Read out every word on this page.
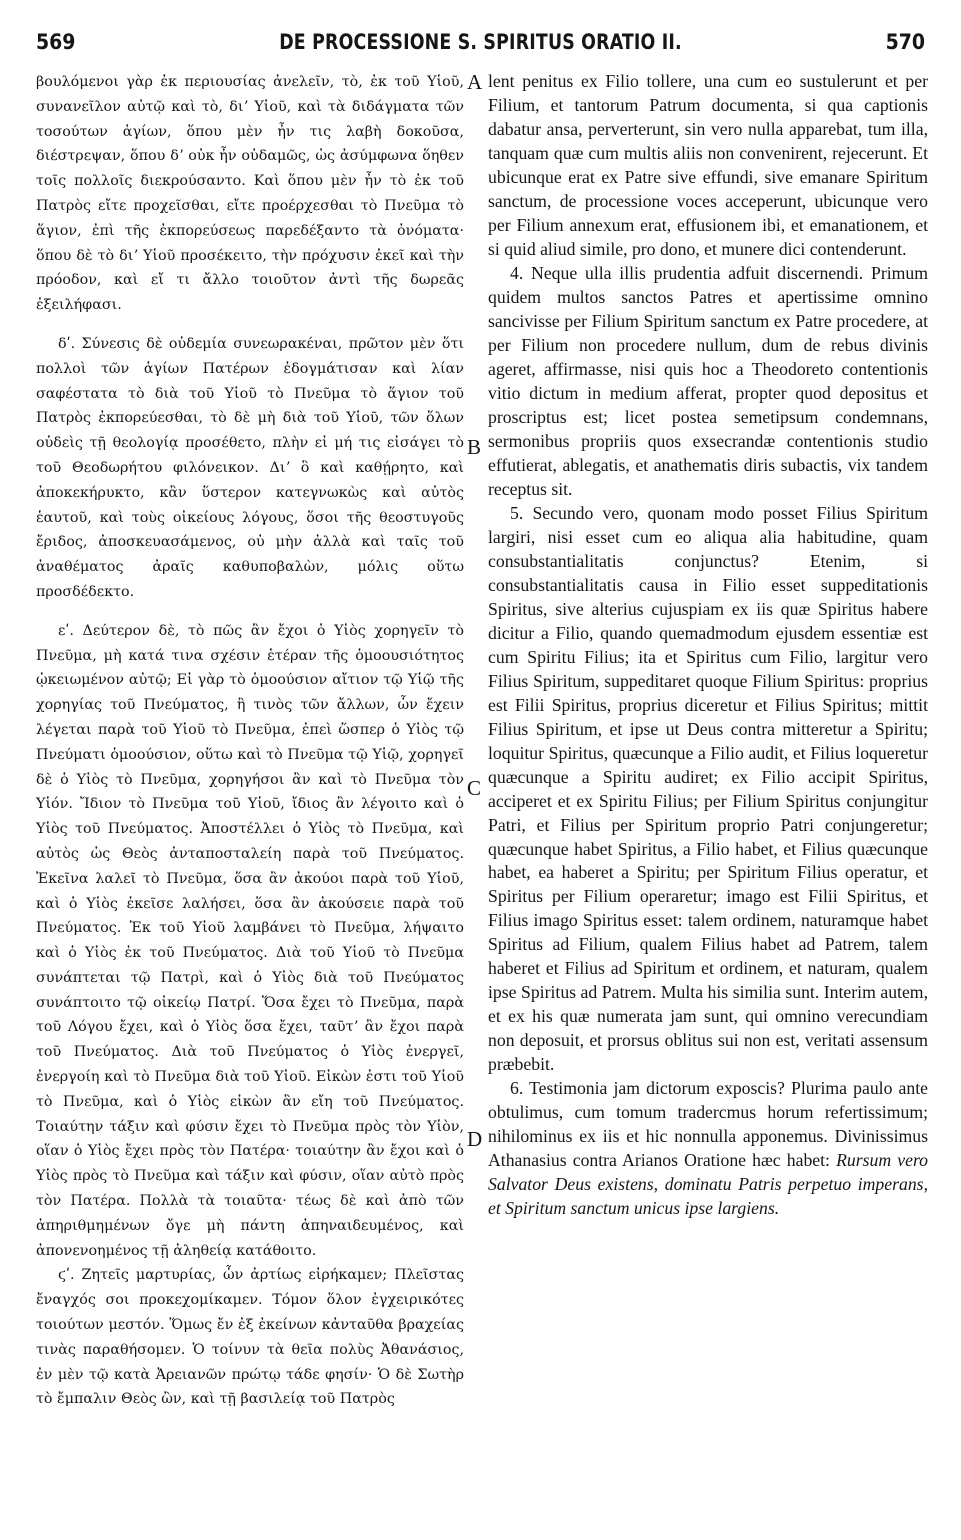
569	DE PROCESSIONE S. SPIRITUS ORATIO II.	570

βουλόμενοι γὰρ ἐκ περιουσίας ἀνελεῖν, τὸ, ἐκ τοῦ Υἱοῦ, συνανεῖλον αὐτῷ καὶ τὸ, διʼ Υἱοῦ, καὶ τὰ διδάγματα τῶν τοσούτων ἁγίων, ὅπου μὲν ἦν τις λαβὴ δοκοῦσα, διέστρεψαν, ὅπου δʼ οὐκ ἦν οὐδαμῶς, ὡς ἀσύμφωνα ὅηθεν τοῖς πολλοῖς διεκρούσαντο. Καὶ ὅπου μὲν ἦν τὸ ἐκ τοῦ Πατρὸς εἴτε προχεῖσθαι, εἴτε προέρχεσθαι τὸ Πνεῦμα τὸ ἅγιον, ἐπὶ τῆς ἐκπορεύσεως παρεδέξαντο τὰ ὀνόματα· ὅπου δὲ τὸ διʼ Υἱοῦ προσέκειτο, τὴν πρόχυσιν ἐκεῖ καὶ τὴν πρόοδον, καὶ εἴ τι ἄλλο τοιοῦτον ἀντὶ τῆς δωρεᾶς ἐξειλήφασι.

δʹ. Σύνεσις δὲ οὐδεμία συνεωρακέναι, πρῶτον μὲν ὅτι πολλοὶ τῶν ἁγίων Πατέρων ἐδογμάτισαν καὶ λίαν σαφέστατα τὸ διὰ τοῦ Υἱοῦ τὸ Πνεῦμα τὸ ἅγιον τοῦ Πατρὸς ἐκπορεύεσθαι, τὸ δὲ μὴ διὰ τοῦ Υἱοῦ, τῶν ὅλων οὐδεὶς τῇ θεολογίᾳ προσέθετο, πλὴν εἰ μή τις εἰσάγει τὸ τοῦ Θεοδωρήτου φιλόνεικον. Διʼ ὃ καὶ καθῄρητο, καὶ ἀποκεκήρυκτο, κἂν ὕστερον κατεγνωκὼς καὶ αὐτὸς ἑαυτοῦ, καὶ τοὺς οἰκείους λόγους, ὅσοι τῆς θεοστυγοῦς ἔριδος, ἀποσκευασάμενος, οὐ μὴν ἀλλὰ καὶ ταῖς τοῦ ἀναθέματος ἀραῖς καθυποβαλὼν, μόλις οὕτω προσδέδεκτο.

εʹ. Δεύτερον δὲ, τὸ πῶς ἂν ἔχοι ὁ Υἱὸς χορηγεῖν τὸ Πνεῦμα, μὴ κατά τινα σχέσιν ἑτέραν τῆς ὁμοουσιότητος ᾠκειωμένον αὐτῷ; Εἰ γὰρ τὸ ὁμοούσιον αἴτιον τῷ Υἱῷ τῆς χορηγίας τοῦ Πνεύματος, ἢ τινὸς τῶν ἄλλων, ὧν ἔχειν λέγεται παρὰ τοῦ Υἱοῦ τὸ Πνεῦμα, ἐπεὶ ὥσπερ ὁ Υἱὸς τῷ Πνεύματι ὁμοούσιον, οὕτω καὶ τὸ Πνεῦμα τῷ Υἱῷ, χορηγεῖ δὲ ὁ Υἱὸς τὸ Πνεῦμα, χορηγήσοι ἂν καὶ τὸ Πνεῦμα τὸν Υἱόν. Ἴδιον τὸ Πνεῦμα τοῦ Υἱοῦ, ἴδιος ἂν λέγοιτο καὶ ὁ Υἱὸς τοῦ Πνεύματος. Ἀποστέλλει ὁ Υἱὸς τὸ Πνεῦμα, καὶ αὐτὸς ὡς Θεὸς ἀνταποσταλείη παρὰ τοῦ Πνεύματος. Ἐκεῖνα λαλεῖ τὸ Πνεῦμα, ὅσα ἂν ἀκούοι παρὰ τοῦ Υἱοῦ, καὶ ὁ Υἱὸς ἐκεῖσε λαλήσει, ὅσα ἂν ἀκούσειε παρὰ τοῦ Πνεύματος. Ἐκ τοῦ Υἱοῦ λαμβάνει τὸ Πνεῦμα, λήψαιτο καὶ ὁ Υἱὸς ἐκ τοῦ Πνεύματος. Διὰ τοῦ Υἱοῦ τὸ Πνεῦμα συνάπτεται τῷ Πατρὶ, καὶ ὁ Υἱὸς διὰ τοῦ Πνεύματος συνάπτοιτο τῷ οἰκείῳ Πατρί. Ὅσα ἔχει τὸ Πνεῦμα, παρὰ τοῦ Λόγου ἔχει, καὶ ὁ Υἱὸς ὅσα ἔχει, ταῦτʼ ἂν ἔχοι παρὰ τοῦ Πνεύματος. Διὰ τοῦ Πνεύματος ὁ Υἱὸς ἐνεργεῖ, ἐνεργοίη καὶ τὸ Πνεῦμα διὰ τοῦ Υἱοῦ. Εἰκὼν ἐστι τοῦ Υἱοῦ τὸ Πνεῦμα, καὶ ὁ Υἱὸς εἰκὼν ἂν εἴη τοῦ Πνεύματος. Τοιαύτην τάξιν καὶ φύσιν ἔχει τὸ Πνεῦμα πρὸς τὸν Υἱὸν, οἵαν ὁ Υἱὸς ἔχει πρὸς τὸν Πατέρα· τοιαύτην ἂν ἔχοι καὶ ὁ Υἱὸς πρὸς τὸ Πνεῦμα καὶ τάξιν καὶ φύσιν, οἵαν αὐτὸ πρὸς τὸν Πατέρα. Πολλὰ τὰ τοιαῦτα· τέως δὲ καὶ ἀπὸ τῶν ἀπηριθμημένων ὄγε μὴ πάντη ἀπηναιδευμένος, καὶ ἀπονενοημένος τῇ ἀληθείᾳ κατάθοιτο.

ϛʹ. Ζητεῖς μαρτυρίας, ὧν ἀρτίως εἰρήκαμεν; Πλεῖστας ἔναγχός σοι προκεχομίκαμεν. Τόμον ὅλον ἐγχειρικότες τοιούτων μεστόν. Ὅμως ἔν ἐξ ἐκείνων κἀνταῦθα βραχείας τινὰς παραθήσομεν. Ὁ τοίνυν τὰ θεῖα πολὺς Ἀθανάσιος, ἐν μὲν τῷ κατὰ Ἀρειανῶν πρώτῳ τάδε φησίν· Ὁ δὲ Σωτὴρ τὸ ἔμπαλιν Θεὸς ὢν, καὶ τῇ βασιλείᾳ τοῦ Πατρὸς

lent penitus ex Filio tollere, una cum eo sustulerunt et per Filium, et tantorum Patrum documenta, si qua captionis dabatur ansa, perverterunt, sin vero nulla apparebat, tum illa, tanquam quæ cum multis aliis non convenirent, rejecerunt. Et ubicunque erat ex Patre sive effundi, sive emanare Spiritum sanctum, de processione voces acceperunt, ubicunque vero per Filium annexum erat, effusionem ibi, et emanationem, et si quid aliud simile, pro dono, et munere dici contenderunt.

4. Neque ulla illis prudentia adfuit discernendi. Primum quidem multos sanctos Patres et apertissime omnino sancivisse per Filium Spiritum sanctum ex Patre procedere, at per Filium non procedere nullum, dum de rebus divinis ageret, affirmasse, nisi quis hoc a Theodoreto contentionis vitio dictum in medium afferat, propter quod depositus et proscriptus est; licet postea semetipsum condemnans, sermonibus propriis quos exsecrandæ contentionis studio effutierat, ablegatis, et anathematis diris subactis, vix tandem receptus sit.

5. Secundo vero, quonam modo posset Filius Spiritum largiri, nisi esset cum eo aliqua alia habitudine, quam consubstantialitatis conjunctus? Etenim, si consubstantialitatis causa in Filio esset suppeditationis Spiritus, sive alterius cujuspiam ex iis quæ Spiritus habere dicitur a Filio, quando quemadmodum ejusdem essentiæ est cum Spiritu Filius; ita et Spiritus cum Filio, largitur vero Filius Spiritum, suppeditaret quoque Filium Spiritus: proprius est Filii Spiritus, proprius diceretur et Filius Spiritus; mittit Filius Spiritum, et ipse ut Deus contra mitteretur a Spiritu; loquitur Spiritus, quæcunque a Filio audit, et Filius loqueretur quæcunque a Spiritu audiret; ex Filio accipit Spiritus, acciperet et ex Spiritu Filius; per Filium Spiritus conjungitur Patri, et Filius per Spiritum proprio Patri conjungeretur; quæcunque habet Spiritus, a Filio habet, et Filius quæcunque habet, ea haberet a Spiritu; per Spiritum Filius operatur, et Spiritus per Filium operaretur; imago est Filii Spiritus, et Filius imago Spiritus esset: talem ordinem, naturamque habet Spiritus ad Filium, qualem Filius habet ad Patrem, talem haberet et Filius ad Spiritum et ordinem, et naturam, qualem ipse Spiritus ad Patrem. Multa his similia sunt. Interim autem, et ex his quæ numerata jam sunt, qui omnino verecundiam non deposuit, et prorsus oblitus sui non est, veritati assensum præbebit.

6. Testimonia jam dictorum exposcis? Plurima paulo ante obtulimus, cum tomum tradercmus horum refertissimum; nihilominus ex iis et hic nonnulla apponemus. Divinissimus Athanasius contra Arianos Oratione hæc habet: Rursum vero Salvator Deus existens, dominatu Patris perpetuo imperans, et Spiritum sanctum unicus ipse largiens.

A
B
C
D
